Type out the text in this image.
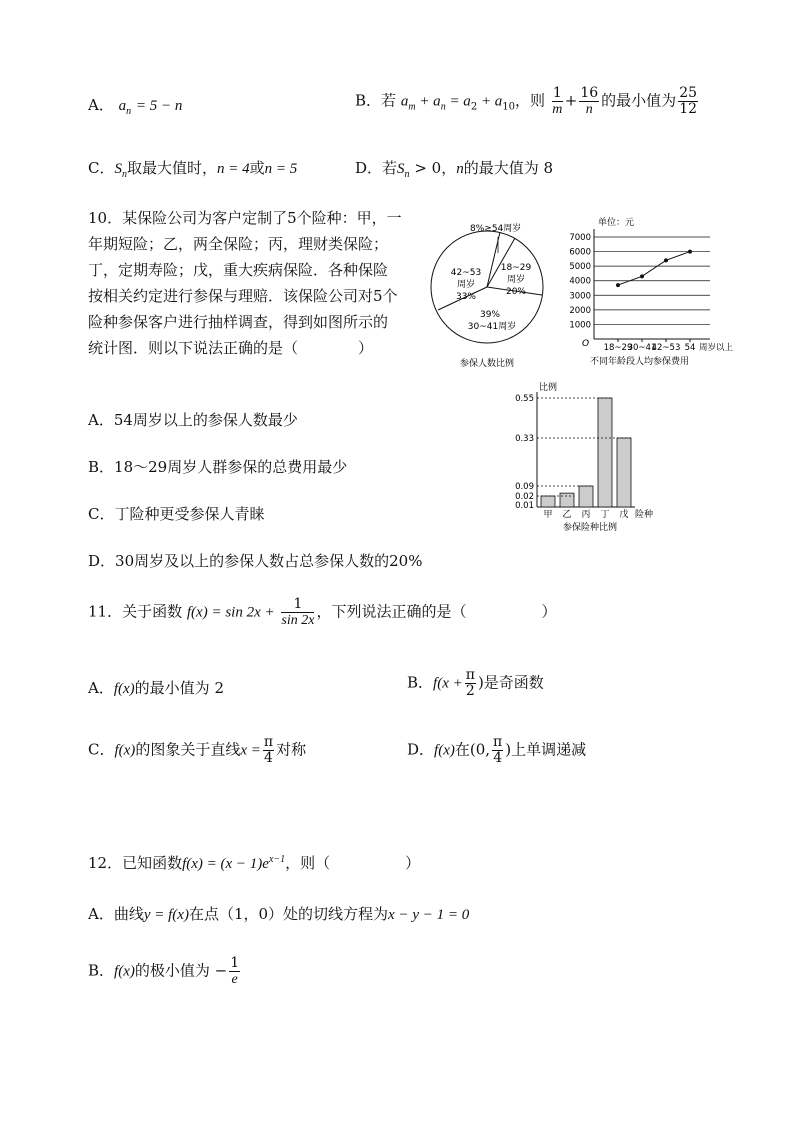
A． $a_n = 5 - n$	B．若 $a_m + a_n = a_2 + a_{10}$，则 $\frac{1}{m} + \frac{16}{n}$ 的最小值为 $\frac{25}{12}$
C．$S_n$取最大值时，n = 4或n = 5	D．若$S_n > 0$，n的最大值为 8
10．某保险公司为客户定制了5个险种：甲，一
年期短险；乙，两全保险；丙，理财类保险；
丁，定期寿险；戊，重大疾病保险．各种保险
按相关约定进行参保与理赔．该保险公司对5个
险种参保客户进行抽样调查，得到如图所示的
统计图．则以下说法正确的是（　　　　）
A．54周岁以上的参保人数最少
B．18～29周岁人群参保的总费用最少
C．丁险种更受参保人青睐
D．30周岁及以上的参保人数占总参保人数的20%
8%≥54周岁
18~29
周岁
20%
39%
30~41周岁
42~53
周岁
33%
参保人数比例
单位：元
O
1000
2000
3000
4000
5000
6000
7000
18~29
30~41
42~53 54 周岁以上
不同年龄段人均参保费用
比例
0.01
0.02
0.09
0.33
0.55
甲 乙 丙 丁 戊 险种
参保险种比例
11．关于函数 $f(x) = \sin 2x + \frac{1}{\sin 2x}$ ，下列说法正确的是（　　　　　）
A．f(x)的最小值为 2	B．$f(x + \frac{\pi}{2}$ )是奇函数
C．f(x)的图象关于直线$x = \frac{\pi}{4}$ 对称	D．f(x)在(0, $\frac{\pi}{4}$ )上单调递减
12．已知函数$f(x) = (x - 1)e^{x-1}$，则（　　　　　）
A．曲线y = f(x)在点（1，0）处的切线方程为x − y − 1 = 0
B．f(x)的极小值为 − $\frac{1}{e}$
